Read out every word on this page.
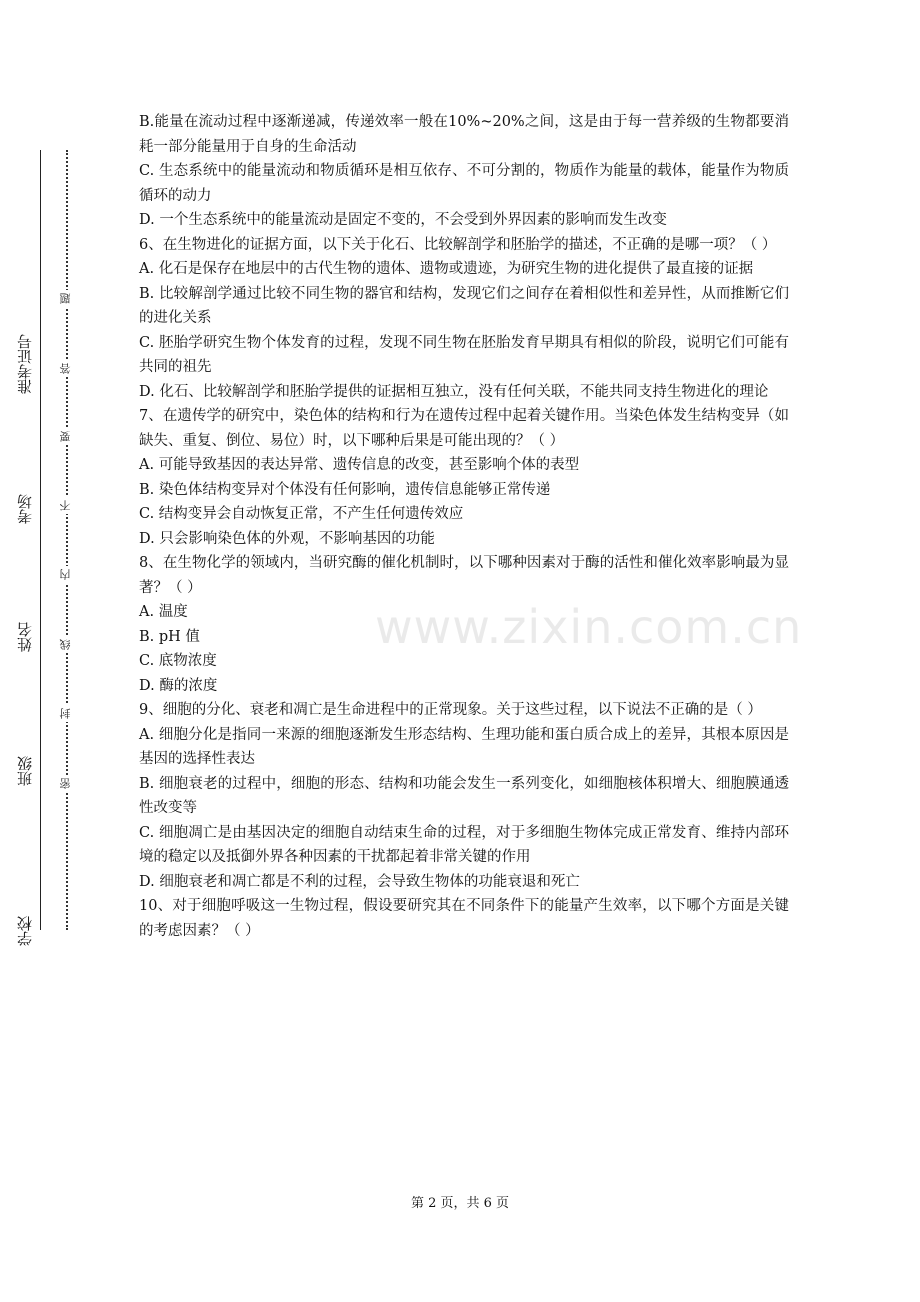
准考证号
考场
姓名
班级
学校
题
答
要
不
内
线
封
密
www.zixin.com.cn

B.能量在流动过程中逐渐递减，传递效率一般在10%~20%之间，这是由于每一营养级的生物都要消耗一部分能量用于自身的生命活动

C. 生态系统中的能量流动和物质循环是相互依存、不可分割的，物质作为能量的载体，能量作为物质循环的动力

D. 一个生态系统中的能量流动是固定不变的，不会受到外界因素的影响而发生改变

6、在生物进化的证据方面，以下关于化石、比较解剖学和胚胎学的描述，不正确的是哪一项？（ ）

A. 化石是保存在地层中的古代生物的遗体、遗物或遗迹，为研究生物的进化提供了最直接的证据

B. 比较解剖学通过比较不同生物的器官和结构，发现它们之间存在着相似性和差异性，从而推断它们的进化关系

C. 胚胎学研究生物个体发育的过程，发现不同生物在胚胎发育早期具有相似的阶段，说明它们可能有共同的祖先

D. 化石、比较解剖学和胚胎学提供的证据相互独立，没有任何关联，不能共同支持生物进化的理论

7、在遗传学的研究中，染色体的结构和行为在遗传过程中起着关键作用。当染色体发生结构变异（如缺失、重复、倒位、易位）时，以下哪种后果是可能出现的？（ ）

A. 可能导致基因的表达异常、遗传信息的改变，甚至影响个体的表型

B. 染色体结构变异对个体没有任何影响，遗传信息能够正常传递

C. 结构变异会自动恢复正常，不产生任何遗传效应

D. 只会影响染色体的外观，不影响基因的功能

8、在生物化学的领域内，当研究酶的催化机制时，以下哪种因素对于酶的活性和催化效率影响最为显著？（ ）

A. 温度

B. pH 值

C. 底物浓度

D. 酶的浓度

9、细胞的分化、衰老和凋亡是生命进程中的正常现象。关于这些过程，以下说法不正确的是（ ）

A. 细胞分化是指同一来源的细胞逐渐发生形态结构、生理功能和蛋白质合成上的差异，其根本原因是基因的选择性表达

B. 细胞衰老的过程中，细胞的形态、结构和功能会发生一系列变化，如细胞核体积增大、细胞膜通透性改变等

C. 细胞凋亡是由基因决定的细胞自动结束生命的过程，对于多细胞生物体完成正常发育、维持内部环境的稳定以及抵御外界各种因素的干扰都起着非常关键的作用

D. 细胞衰老和凋亡都是不利的过程，会导致生物体的功能衰退和死亡

10、对于细胞呼吸这一生物过程，假设要研究其在不同条件下的能量产生效率，以下哪个方面是关键的考虑因素？（ ）

第 2 页，共 6 页
